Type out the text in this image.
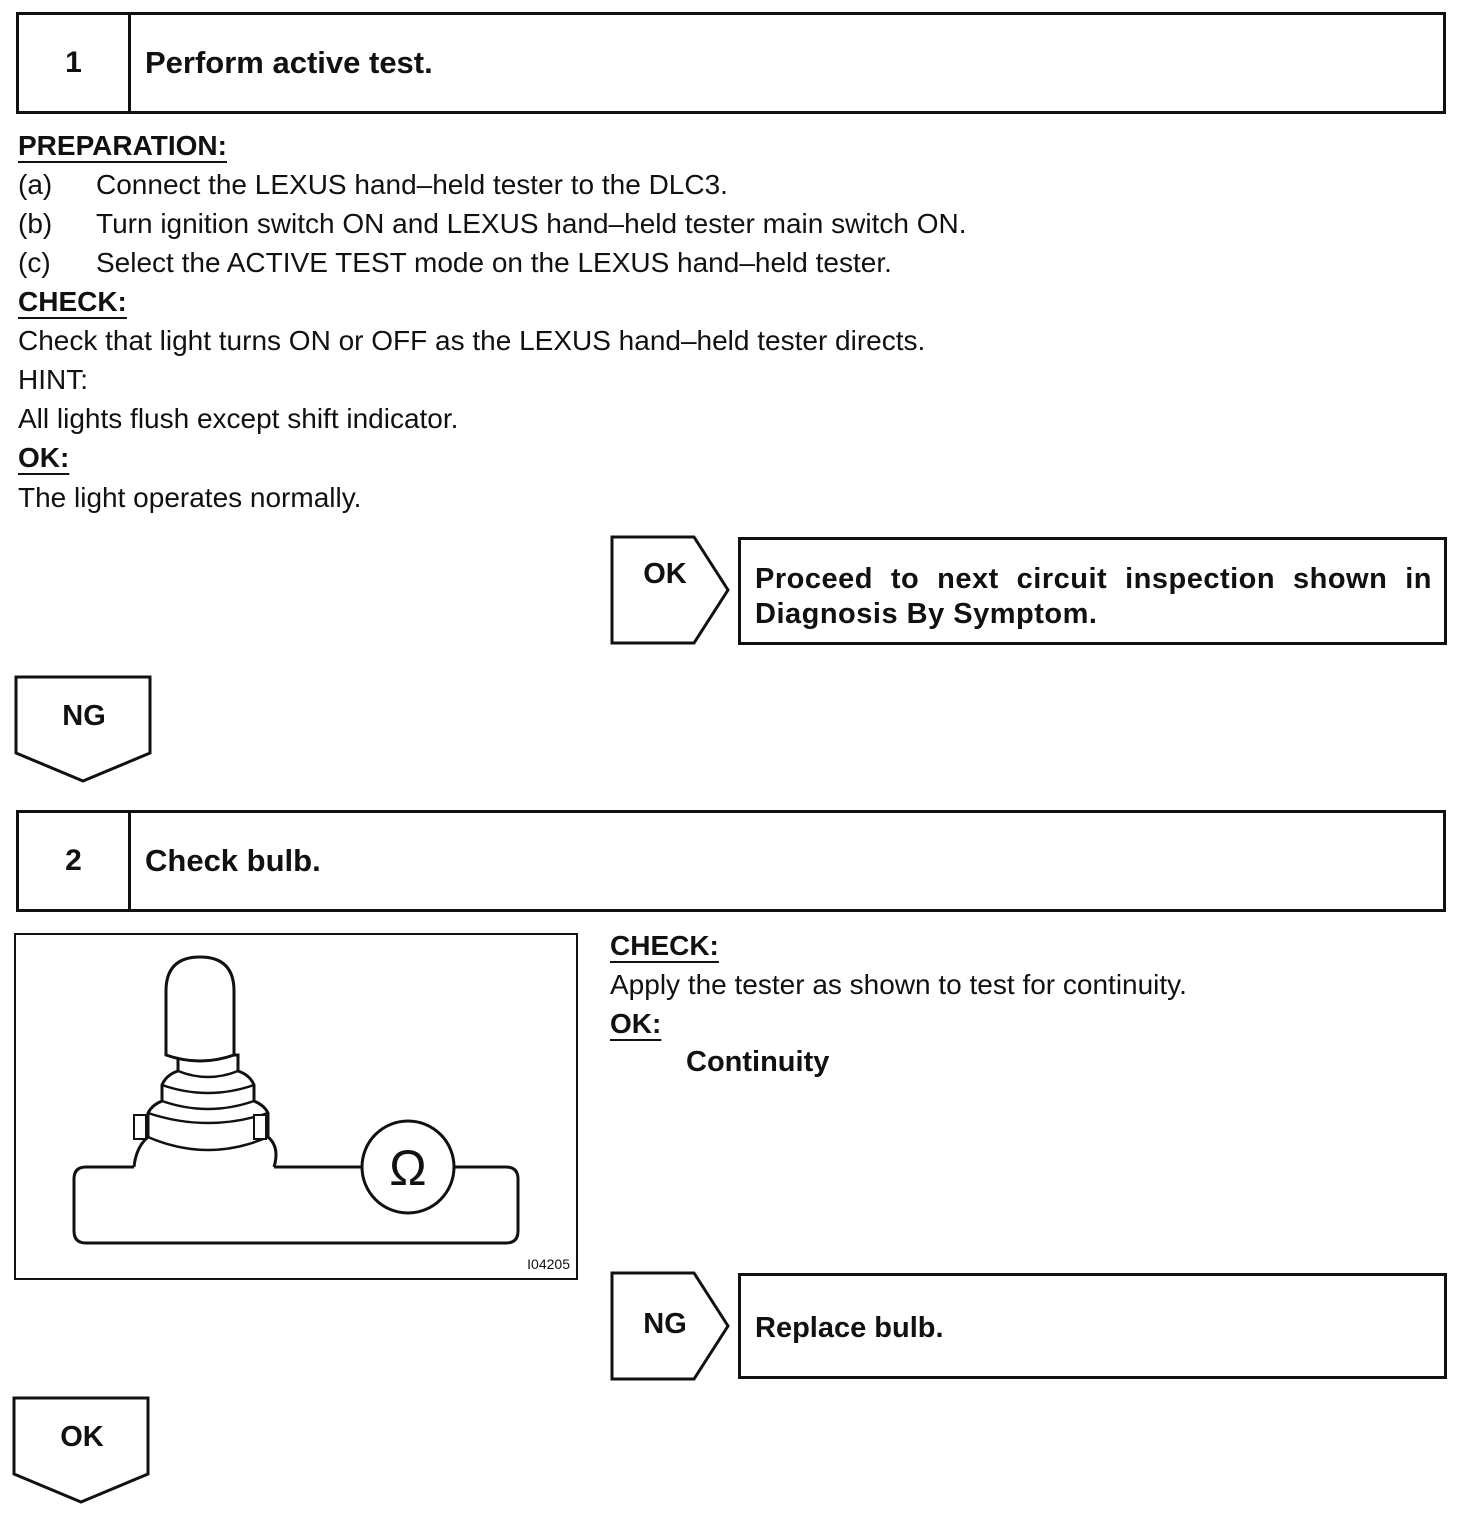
1	Perform active test.
PREPARATION:
(a) Connect the LEXUS hand–held tester to the DLC3.
(b) Turn ignition switch ON and LEXUS hand–held tester main switch ON.
(c) Select the ACTIVE TEST mode on the LEXUS hand–held tester.
CHECK:
Check that light turns ON or OFF as the LEXUS hand–held tester directs.
HINT:
All lights flush except shift indicator.
OK:
The light operates normally.
OK	Proceed to next circuit inspection shown in Diagnosis By Symptom.
NG
2	Check bulb.
Ω
I04205
CHECK:
Apply the tester as shown to test for continuity.
OK:
Continuity
NG	Replace bulb.
OK
